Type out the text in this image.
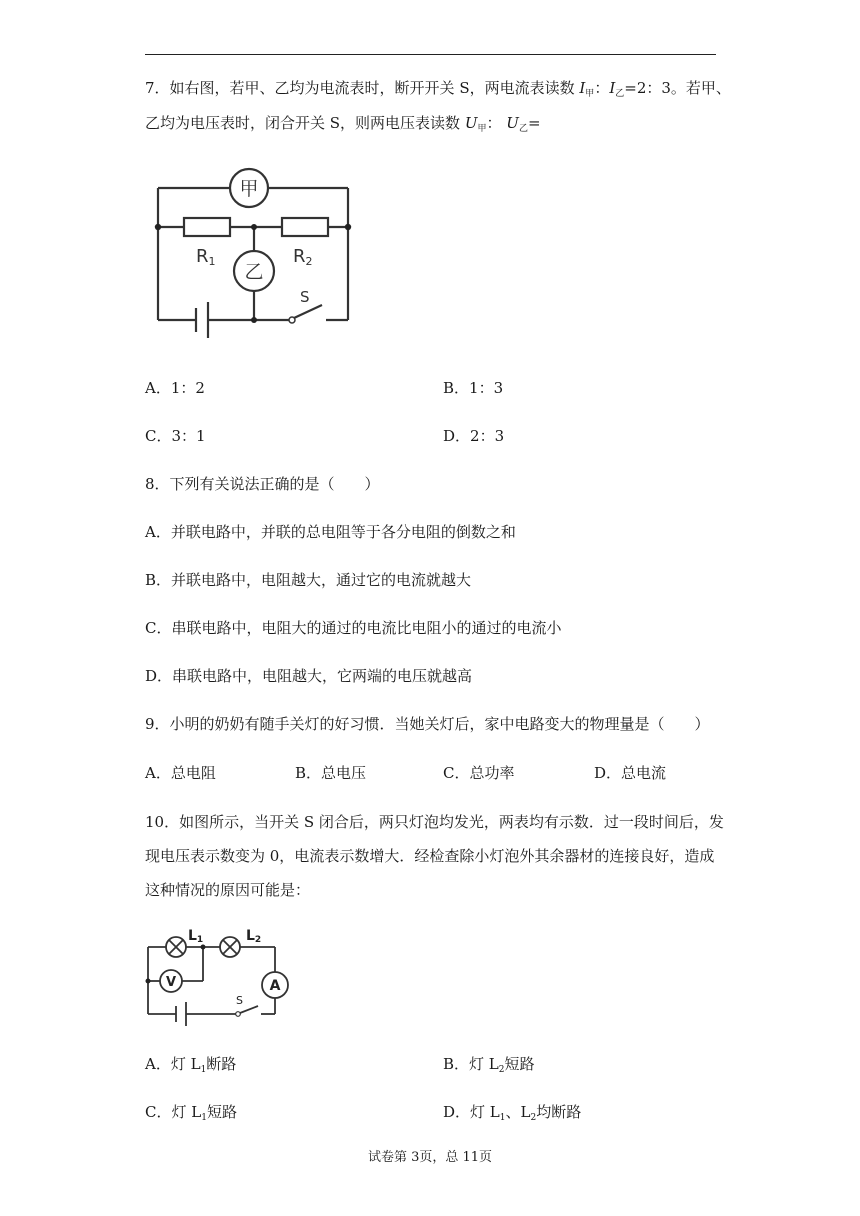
7．如右图，若甲、乙均为电流表时，断开开关 S，两电流表读数 $I_甲$：$I_乙=2$：3。若甲、
乙均为电压表时，闭合开关 S，则两电压表读数 $U_甲$： $U_乙=$
甲
乙
R1	R2
S
A．1：2	B．1：3
C．3：1	D．2：3
8．下列有关说法正确的是（　　）
A．并联电路中，并联的总电阻等于各分电阻的倒数之和
B．并联电路中，电阻越大，通过它的电流就越大
C．串联电路中，电阻大的通过的电流比电阻小的通过的电流小
D．串联电路中，电阻越大，它两端的电压就越高
9．小明的奶奶有随手关灯的好习惯．当她关灯后，家中电路变大的物理量是（　　）
A．总电阻	B．总电压	C．总功率	D．总电流
10．如图所示，当开关 S 闭合后，两只灯泡均发光，两表均有示数．过一段时间后，发
现电压表示数变为 0，电流表示数增大．经检查除小灯泡外其余器材的连接良好，造成
这种情况的原因可能是：
L1	L2
V	A
S
A．灯 $L_1$断路	B．灯 $L_2$短路
C．灯 $L_1$短路	D．灯 $L_1$、$L_2$均断路
试卷第 3页，总 11页
